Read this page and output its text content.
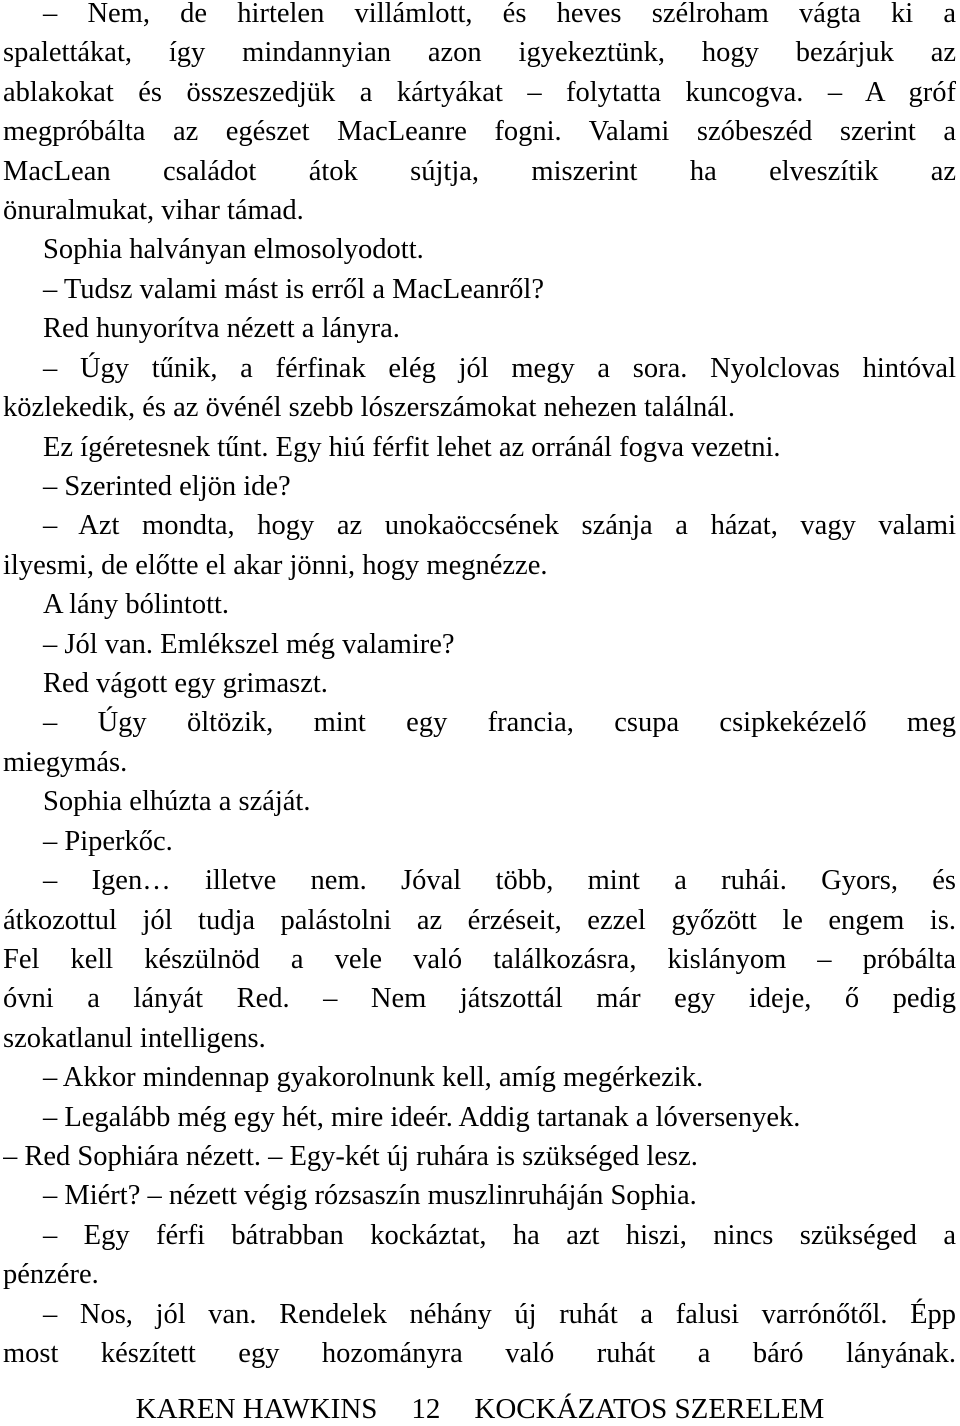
– Nem, de hirtelen villámlott, és heves szélroham vágta ki a
spalettákat, így mindannyian azon igyekeztünk, hogy bezárjuk az
ablakokat és összeszedjük a kártyákat – folytatta kuncogva. – A gróf
megpróbálta az egészet MacLeanre fogni. Valami szóbeszéd szerint a
MacLean családot átok sújtja, miszerint ha elveszítik az
önuralmukat, vihar támad.
Sophia halványan elmosolyodott.
– Tudsz valami mást is erről a MacLeanről?
Red hunyorítva nézett a lányra.
– Úgy tűnik, a férfinak elég jól megy a sora. Nyolclovas hintóval
közlekedik, és az övénél szebb lószerszámokat nehezen találnál.
Ez ígéretesnek tűnt. Egy hiú férfit lehet az orránál fogva vezetni.
– Szerinted eljön ide?
– Azt mondta, hogy az unokaöccsének szánja a házat, vagy valami
ilyesmi, de előtte el akar jönni, hogy megnézze.
A lány bólintott.
– Jól van. Emlékszel még valamire?
Red vágott egy grimaszt.
– Úgy öltözik, mint egy francia, csupa csipkekézelő meg
miegymás.
Sophia elhúzta a száját.
– Piperkőc.
– Igen… illetve nem. Jóval több, mint a ruhái. Gyors, és
átkozottul jól tudja palástolni az érzéseit, ezzel győzött le engem is.
Fel kell készülnöd a vele való találkozásra, kislányom – próbálta
óvni a lányát Red. – Nem játszottál már egy ideje, ő pedig
szokatlanul intelligens.
– Akkor mindennap gyakorolnunk kell, amíg megérkezik.
– Legalább még egy hét, mire ideér. Addig tartanak a lóversenyek.
– Red Sophiára nézett. – Egy-két új ruhára is szükséged lesz.
– Miért? – nézett végig rózsaszín muszlinruháján Sophia.
– Egy férfi bátrabban kockáztat, ha azt hiszi, nincs szükséged a
pénzére.
– Nos, jól van. Rendelek néhány új ruhát a falusi varrónőtől. Épp
most készített egy hozományra való ruhát a báró lányának.
KAREN HAWKINS 12 KOCKÁZATOS SZERELEM
